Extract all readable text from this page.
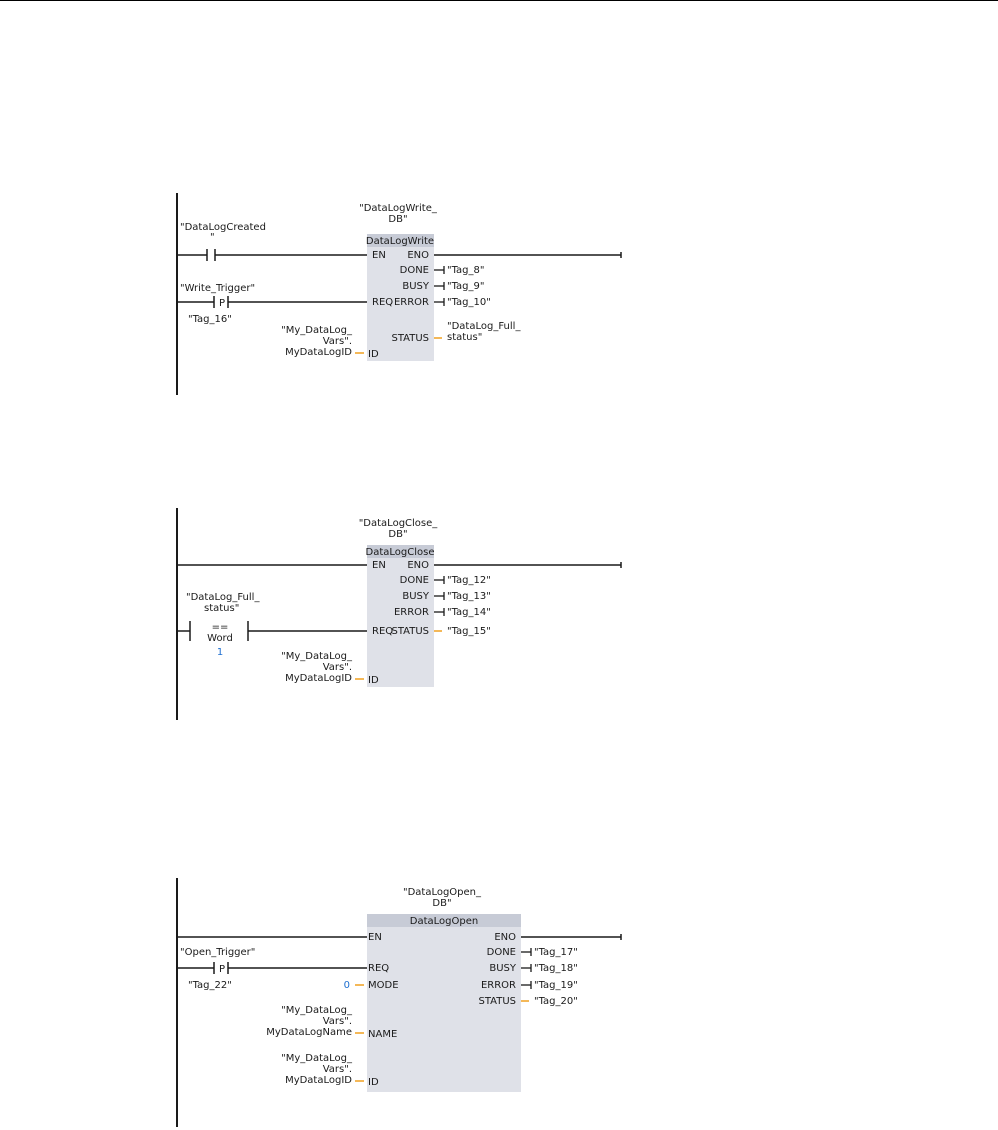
"DataLogWrite_
DB"
DataLogWrite
"DataLogCreated
"
EN ENO
DONE "Tag_8"
BUSY "Tag_9"
"Write_Trigger"
P
"Tag_16"
REQ ERROR "Tag_10"
STATUS
"DataLog_Full_
status"
"My_DataLog_
Vars".
MyDataLogID ID
"DataLogClose_
DB"
DataLogClose
EN ENO
DONE "Tag_12"
BUSY "Tag_13"
ERROR "Tag_14"
"DataLog_Full_
status"
==
Word
1
REQ
STATUS "Tag_15"
"My_DataLog_
Vars".
MyDataLogID ID
"DataLogOpen_
DB"
DataLogOpen
EN	ENO
DONE "Tag_17"
"Open_Trigger"
P
"Tag_22"
REQ	BUSY "Tag_18"
0 MODE	ERROR "Tag_19"
STATUS "Tag_20"
"My_DataLog_
Vars".
MyDataLogName NAME
"My_DataLog_
Vars".
MyDataLogID ID
